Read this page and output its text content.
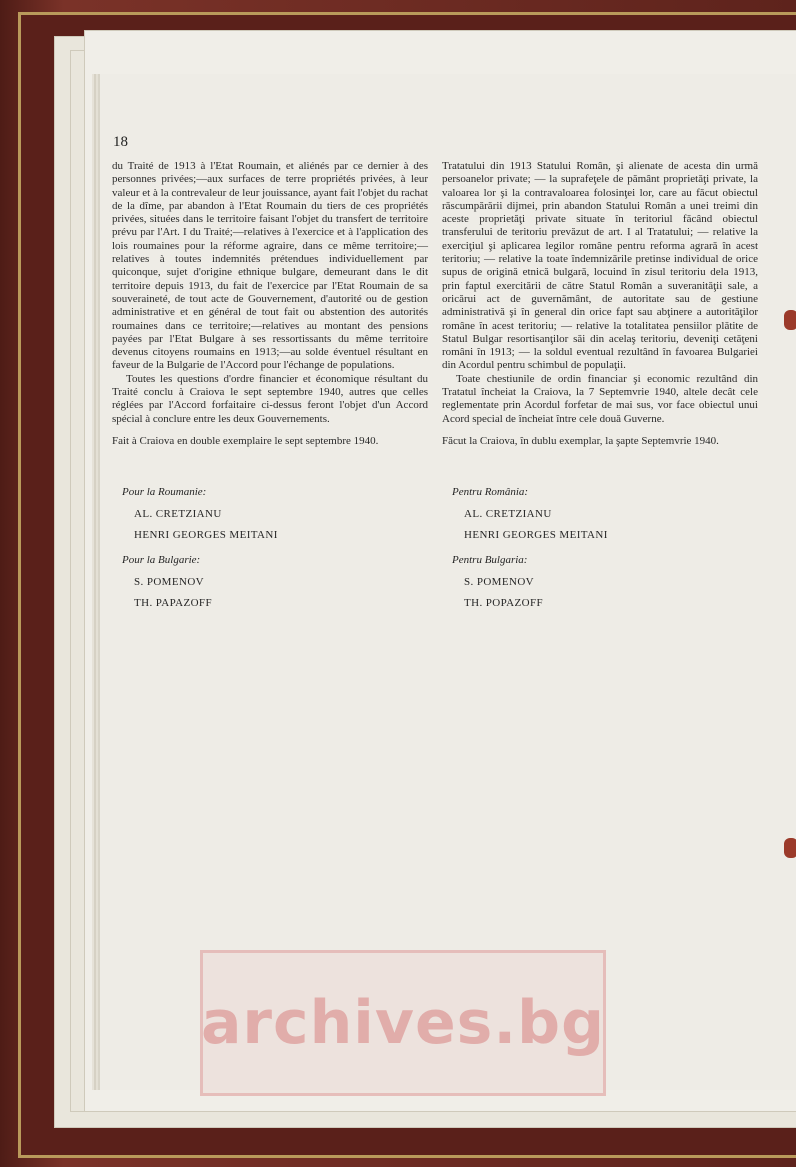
18

du Traité de 1913 à l'Etat Roumain, et aliénés par ce dernier à des personnes privées;—aux surfaces de terre propriétés privées, à leur valeur et à la contrevaleur de leur jouissance, ayant fait l'objet du rachat de la dîme, par abandon à l'Etat Roumain du tiers de ces propriétés privées, situées dans le territoire faisant l'objet du transfert de territoire prévu par l'Art. I du Traité;—relatives à l'exercice et à l'application des lois roumaines pour la réforme agraire, dans ce même territoire;—relatives à toutes indemnités prétendues individuellement par quiconque, sujet d'origine ethnique bulgare, demeurant dans le dit territoire depuis 1913, du fait de l'exercice par l'Etat Roumain de sa souveraineté, de tout acte de Gouvernement, d'autorité ou de gestion administrative et en général de tout fait ou abstention des autorités roumaines dans ce territoire;—relatives au montant des pensions payées par l'Etat Bulgare à ses ressortissants du même territoire devenus citoyens roumains en 1913;—au solde éventuel résultant en faveur de la Bulgarie de l'Accord pour l'échange de populations.

Toutes les questions d'ordre financier et économique résultant du Traité conclu à Craiova le sept septembre 1940, autres que celles réglées par l'Accord forfaitaire ci-dessus feront l'objet d'un Accord spécial à conclure entre les deux Gouvernements.

Fait à Craiova en double exemplaire le sept septembre 1940.

Tratatului din 1913 Statului Român, şi alienate de acesta din urmă persoanelor private; — la suprafeţele de pământ proprietăţi private, la valoarea lor şi la contravaloarea folosinţei lor, care au făcut obiectul răscumpărării dijmei, prin abandon Statului Român a unei treimi din aceste proprietăţi private situate în teritoriul făcând obiectul transferului de teritoriu prevăzut de art. I al Tratatului; — relative la exerciţiul şi aplicarea legilor române pentru reforma agrară în acest teritoriu; — relative la toate îndemnizările pretinse individual de orice supus de origină etnică bulgară, locuind în zisul teritoriu dela 1913, prin faptul exercitării de către Statul Român a suveranităţii sale, a oricărui act de guvernământ, de autoritate sau de gestiune administrativă şi în general din orice fapt sau abţinere a autorităţilor române în acest teritoriu; — relative la totalitatea pensiilor plătite de Statul Bulgar resortisanţilor săi din acelaş teritoriu, deveniţi cetăţeni români în 1913; — la soldul eventual rezultând în favoarea Bulgariei din Acordul pentru schimbul de populaţii.

Toate chestiunile de ordin financiar şi economic rezultând din Tratatul încheiat la Craiova, la 7 Septemvrie 1940, altele decât cele reglementate prin Acordul forfetar de mai sus, vor face obiectul unui Acord special de încheiat între cele două Guverne.

Făcut la Craiova, în dublu exemplar, la şapte Septemvrie 1940.

Pour la Roumanie:

AL. CRETZIANU

HENRI GEORGES MEITANI

Pour la Bulgarie:

S. POMENOV

TH. PAPAZOFF

Pentru România:

AL. CRETZIANU

HENRI GEORGES MEITANI

Pentru Bulgaria:

S. POMENOV

TH. POPAZOFF

archives.bg
